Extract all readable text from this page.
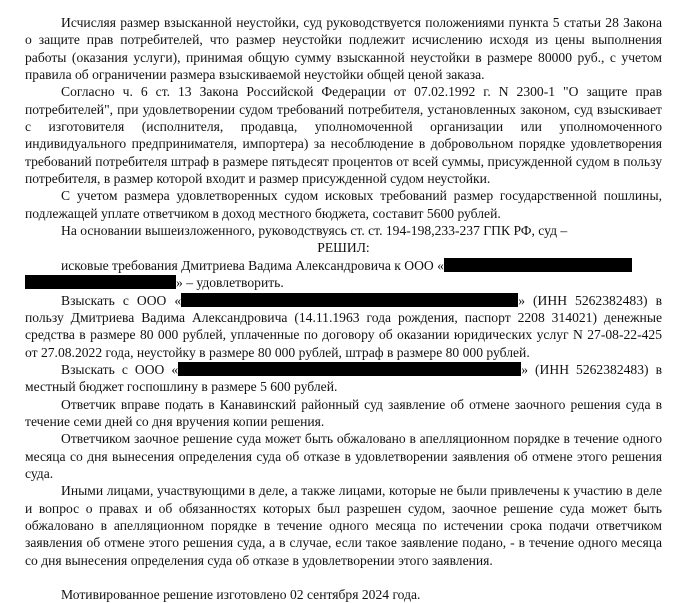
Исчисляя размер взысканной неустойки, суд руководствуется положениями пункта 5 статьи 28 Закона о защите прав потребителей, что размер неустойки подлежит исчислению исходя из цены выполнения работы (оказания услуги), принимая общую сумму взысканной неустойки в размере 80000 руб., с учетом правила об ограничении размера взыскиваемой неустойки общей ценой заказа.

Согласно ч. 6 ст. 13 Закона Российской Федерации от 07.02.1992 г. N 2300-1 "О защите прав потребителей", при удовлетворении судом требований потребителя, установленных законом, суд взыскивает с изготовителя (исполнителя, продавца, уполномоченной организации или уполномоченного индивидуального предпринимателя, импортера) за несоблюдение в добровольном порядке удовлетворения требований потребителя штраф в размере пятьдесят процентов от всей суммы, присужденной судом в пользу потребителя, в размер которой входит и размер присужденной судом неустойки.

С учетом размера удовлетворенных судом исковых требований размер государственной пошлины, подлежащей уплате ответчиком в доход местного бюджета, составит 5600 рублей.

На основании вышеизложенного, руководствуясь ст. ст. 194-198,233-237 ГПК РФ, суд –

РЕШИЛ:

исковые требования Дмитриева Вадима Александровича к ООО «
» – удовлетворить.

Взыскать с ООО «	» (ИНН 5262382483) в пользу Дмитриева Вадима Александровича (14.11.1963 года рождения, паспорт 2208 314021) денежные средства в размере 80 000 рублей, уплаченные по договору об оказании юридических услуг N 27-08-22-425 от 27.08.2022 года, неустойку в размере 80 000 рублей, штраф в размере 80 000 рублей.

Взыскать с ООО «	» (ИНН 5262382483) в местный бюджет госпошлину в размере 5 600 рублей.

Ответчик вправе подать в Канавинский районный суд заявление об отмене заочного решения суда в течение семи дней со дня вручения копии решения.

Ответчиком заочное решение суда может быть обжаловано в апелляционном порядке в течение одного месяца со дня вынесения определения суда об отказе в удовлетворении заявления об отмене этого решения суда.

Иными лицами, участвующими в деле, а также лицами, которые не были привлечены к участию в деле и вопрос о правах и об обязанностях которых был разрешен судом, заочное решение суда может быть обжаловано в апелляционном порядке в течение одного месяца по истечении срока подачи ответчиком заявления об отмене этого решения суда, а в случае, если такое заявление подано, - в течение одного месяца со дня вынесения определения суда об отказе в удовлетворении этого заявления.

Мотивированное решение изготовлено 02 сентября 2024 года.
